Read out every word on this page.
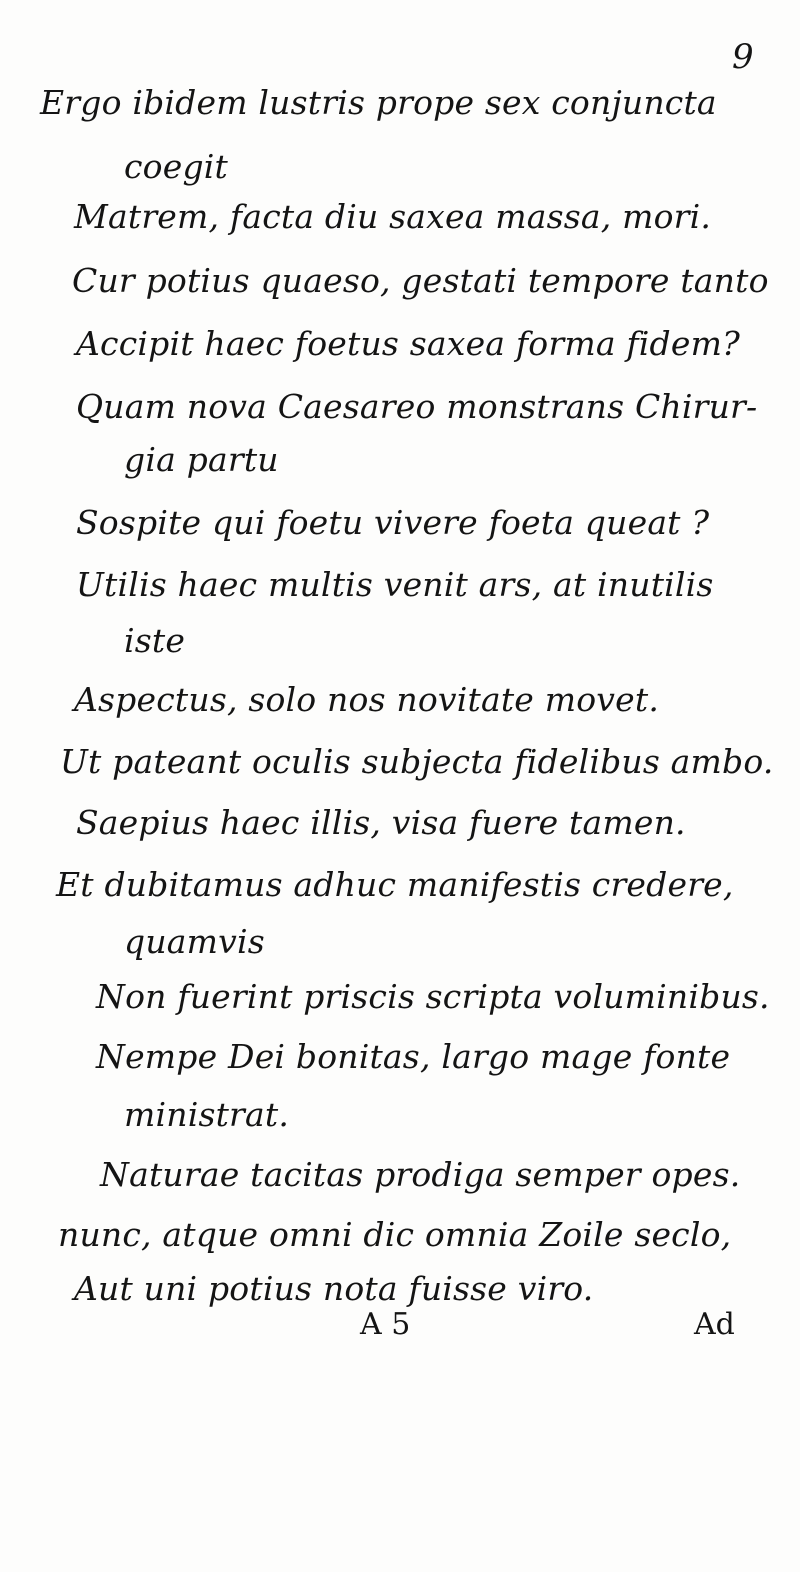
9
Ergo ibidem lustris prope sex conjuncta
coegit
Matrem, facta diu saxea massa, mori.
Cur potius quaeso, gestati tempore tanto
Accipit haec foetus saxea forma fidem?
Quam nova Caesareo monstrans Chirur-
gia partu
Sospite qui foetu vivere foeta queat ?
Utilis haec multis venit ars, at inutilis
iste
Aspectus, solo nos novitate movet.
Ut pateant oculis subjecta fidelibus ambo.
Saepius haec illis, visa fuere tamen.
Et dubitamus adhuc manifestis credere,
quamvis
Non fuerint priscis scripta voluminibus.
Nempe Dei bonitas, largo mage fonte
ministrat.
Naturae tacitas prodiga semper opes.
nunc, atque omni dic omnia Zoile seclo,
Aut uni potius nota fuisse viro.
A 5	Ad
